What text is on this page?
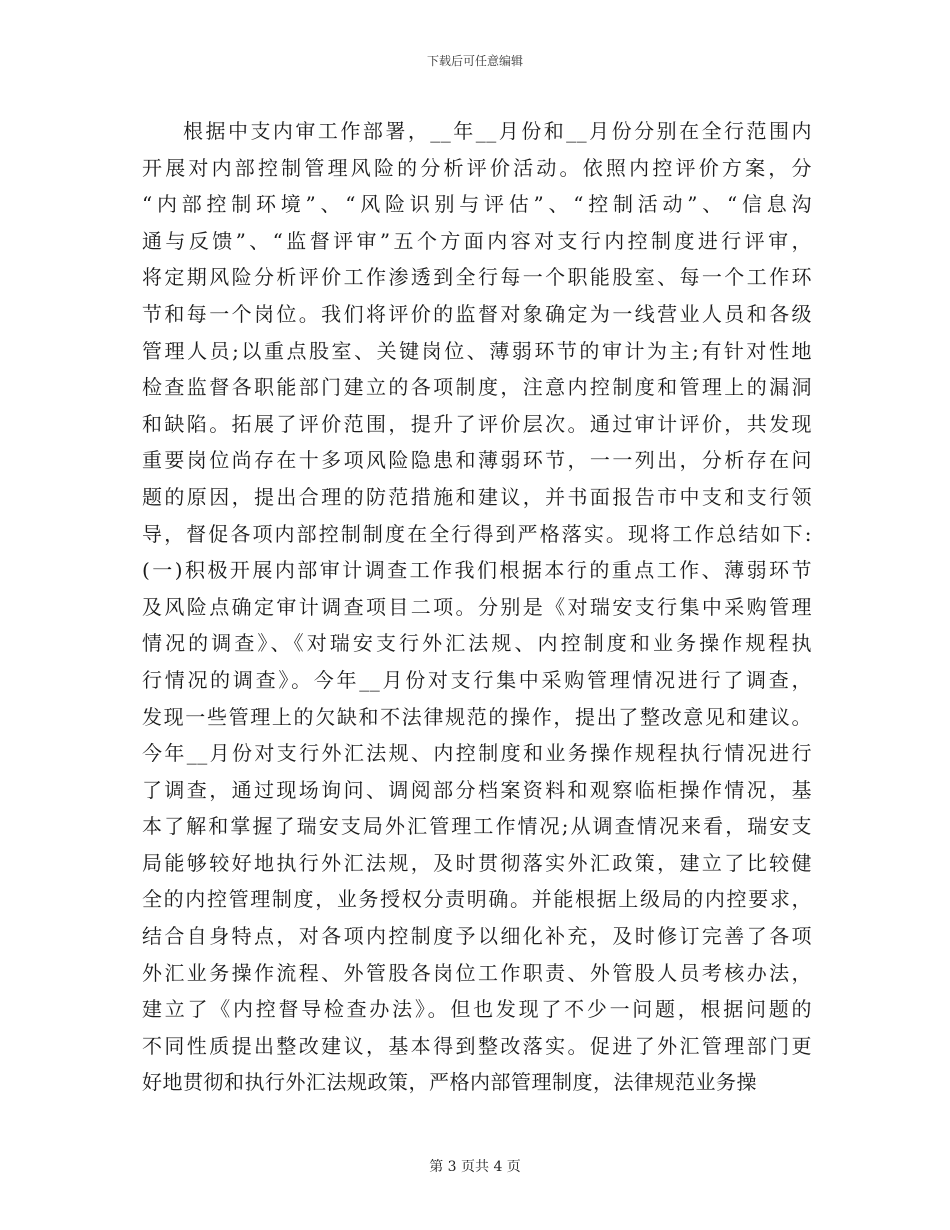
下载后可任意编辑
根据中支内审工作部署，__年__月份和__月份分别在全行范围内
开展对内部控制管理风险的分析评价活动。依照内控评价方案，分
“内部控制环境”、“风险识别与评估”、“控制活动”、“信息沟
通与反馈”、“监督评审”五个方面内容对支行内控制度进行评审，
将定期风险分析评价工作渗透到全行每一个职能股室、每一个工作环
节和每一个岗位。我们将评价的监督对象确定为一线营业人员和各级
管理人员;以重点股室、关键岗位、薄弱环节的审计为主;有针对性地
检查监督各职能部门建立的各项制度，注意内控制度和管理上的漏洞
和缺陷。拓展了评价范围，提升了评价层次。通过审计评价，共发现
重要岗位尚存在十多项风险隐患和薄弱环节，一一列出，分析存在问
题的原因，提出合理的防范措施和建议，并书面报告市中支和支行领
导，督促各项内部控制制度在全行得到严格落实。现将工作总结如下:
(一)积极开展内部审计调查工作我们根据本行的重点工作、薄弱环节
及风险点确定审计调查项目二项。分别是《对瑞安支行集中采购管理
情况的调查》、《对瑞安支行外汇法规、内控制度和业务操作规程执
行情况的调查》。今年__月份对支行集中采购管理情况进行了调查，
发现一些管理上的欠缺和不法律规范的操作，提出了整改意见和建议。
今年__月份对支行外汇法规、内控制度和业务操作规程执行情况进行
了调查，通过现场询问、调阅部分档案资料和观察临柜操作情况，基
本了解和掌握了瑞安支局外汇管理工作情况;从调查情况来看，瑞安支
局能够较好地执行外汇法规，及时贯彻落实外汇政策，建立了比较健
全的内控管理制度，业务授权分责明确。并能根据上级局的内控要求，
结合自身特点，对各项内控制度予以细化补充，及时修订完善了各项
外汇业务操作流程、外管股各岗位工作职责、外管股人员考核办法，
建立了《内控督导检查办法》。但也发现了不少一问题，根据问题的
不同性质提出整改建议，基本得到整改落实。促进了外汇管理部门更
好地贯彻和执行外汇法规政策，严格内部管理制度，法律规范业务操
第 3 页共 4 页
